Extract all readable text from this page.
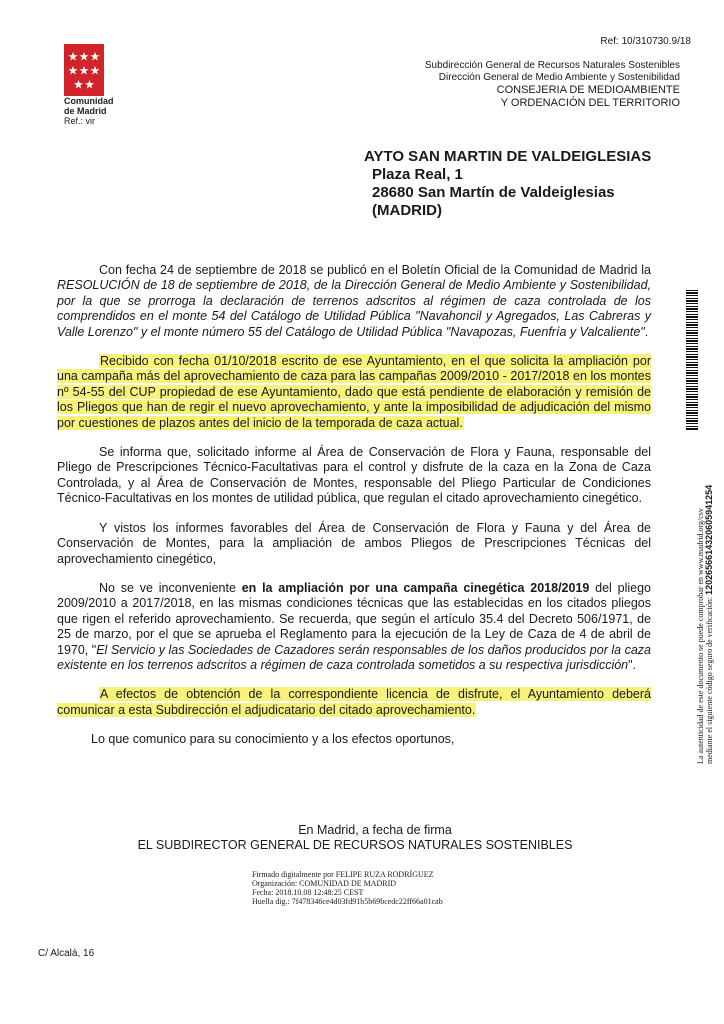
Ref: 10/310730.9/18
Comunidad
de Madrid
Ref.: vir
Subdirección General de Recursos Naturales Sostenibles
Dirección General de Medio Ambiente y Sostenibilidad
CONSEJERIA DE MEDIOAMBIENTE
Y ORDENACIÓN DEL TERRITORIO
AYTO SAN MARTIN DE VALDEIGLESIAS
Plaza Real, 1
28680 San Martín de Valdeiglesias
(MADRID)

Con fecha 24 de septiembre de 2018 se publicó en el Boletín Oficial de la Comunidad de Madrid la RESOLUCIÓN de 18 de septiembre de 2018, de la Dirección General de Medio Ambiente y Sostenibilidad, por la que se prorroga la declaración de terrenos adscritos al régimen de caza controlada de los comprendidos en el monte 54 del Catálogo de Utilidad Pública "Navahoncil y Agregados, Las Cabreras y Valle Lorenzo" y el monte número 55 del Catálogo de Utilidad Pública "Navapozas, Fuenfría y Valcaliente".

Recibido con fecha 01/10/2018 escrito de ese Ayuntamiento, en el que solicita la ampliación por una campaña más del aprovechamiento de caza para las campañas 2009/2010 - 2017/2018 en los montes nº 54-55 del CUP propiedad de ese Ayuntamiento, dado que está pendiente de elaboración y remisión de los Pliegos que han de regir el nuevo aprovechamiento, y ante la imposibilidad de adjudicación del mismo por cuestiones de plazos antes del inicio de la temporada de caza actual.

Se informa que, solicitado informe al Área de Conservación de Flora y Fauna, responsable del Pliego de Prescripciones Técnico-Facultativas para el control y disfrute de la caza en la Zona de Caza Controlada, y al Área de Conservación de Montes, responsable del Pliego Particular de Condiciones Técnico-Facultativas en los montes de utilidad pública, que regulan el citado aprovechamiento cinegético.

Y vistos los informes favorables del Área de Conservación de Flora y Fauna y del Área de Conservación de Montes, para la ampliación de ambos Pliegos de Prescripciones Técnicas del aprovechamiento cinegético,

No se ve inconveniente en la ampliación por una campaña cinegética 2018/2019 del pliego 2009/2010 a 2017/2018, en las mismas condiciones técnicas que las establecidas en los citados pliegos que rigen el referido aprovechamiento. Se recuerda, que según el artículo 35.4 del Decreto 506/1971, de 25 de marzo, por el que se aprueba el Reglamento para la ejecución de la Ley de Caza de 4 de abril de 1970, "El Servicio y las Sociedades de Cazadores serán responsables de los daños producidos por la caza existente en los terrenos adscritos a régimen de caza controlada sometidos a su respectiva jurisdicción".

A efectos de obtención de la correspondiente licencia de disfrute, el Ayuntamiento deberá comunicar a esta Subdirección el adjudicatario del citado aprovechamiento.

Lo que comunico para su conocimiento y a los efectos oportunos,

En Madrid, a fecha de firma
EL SUBDIRECTOR GENERAL DE RECURSOS NATURALES SOSTENIBLES
Firmado digitalmente por FELIPE RUZA RODRÍGUEZ
Organización: COMUNIDAD DE MADRID
Fecha: 2018.10.08 12:48:25 CEST
Huella dig.: 7f478346ce4d03fd91b5b69bcedc22ff66a01cab
C/ Alcalá, 16
La autenticidad de este documento se puede comprobar en www.madrid.org/csv mediante el siguiente código seguro de verificación: 1202656614320605941254
